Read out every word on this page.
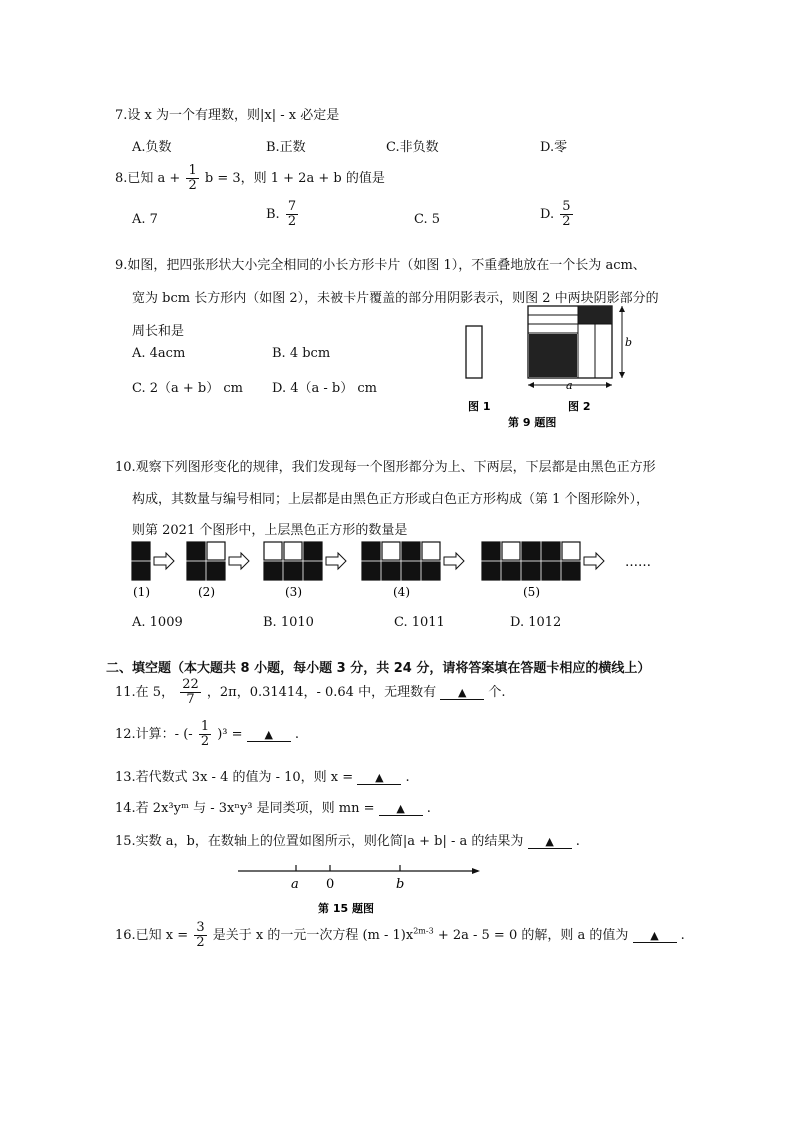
7.设 x 为一个有理数，则|x| - x 必定是
A.负数	B.正数	C.非负数	D.零
8.已知 $a + \frac{1}{2}$ b = 3，则 1 + 2a + b 的值是
A. 7	B. $\frac{7}{2}$	C. 5	D. $\frac{5}{2}$
9.如图，把四张形状大小完全相同的小长方形卡片（如图 1），不重叠地放在一个长为 acm、
宽为 bcm 长方形内（如图 2），未被卡片覆盖的部分用阴影表示，则图 2 中两块阴影部分的
周长和是
A. 4acm	B. 4 bcm
C. 2（a + b） cm D. 4（a - b） cm	a
b
图 1	图 2
第 9 题图
10.观察下列图形变化的规律，我们发现每一个图形都分为上、下两层，下层都是由黑色正方形
构成，其数量与编号相同；上层都是由黑色正方形或白色正方形构成（第 1 个图形除外），
则第 2021 个图形中，上层黑色正方形的数量是
(1)	(2)	(3)	(4)	(5)
……
A. 1009	B. 1010	C. 1011	D. 1012
二、填空题（本大题共 8 小题，每小题 3 分，共 24 分，请将答案填在答题卡相应的横线上）
11.在 5， $\frac{22}{7}$ ，2π，0.31414，- 0.64 中，无理数有 ▲ 个.
12.计算：- (- $\frac{1}{2} )^3$ = ▲ .
13.若代数式 3x - 4 的值为 - 10，则 x = ▲ .
14.若 2x³yᵐ 与 - 3xⁿy³ 是同类项，则 mn = ▲ .
15.实数 a，b，在数轴上的位置如图所示，则化简|a + b| - a 的结果为 ▲ .
a 0	b
第 15 题图
16.已知 $x = \frac{3}{2}$ 是关于 x 的一元一次方程 $(m - 1)x^{2m-3} + 2a - 5 = 0$ 的解，则 a 的值为 ▲ .
